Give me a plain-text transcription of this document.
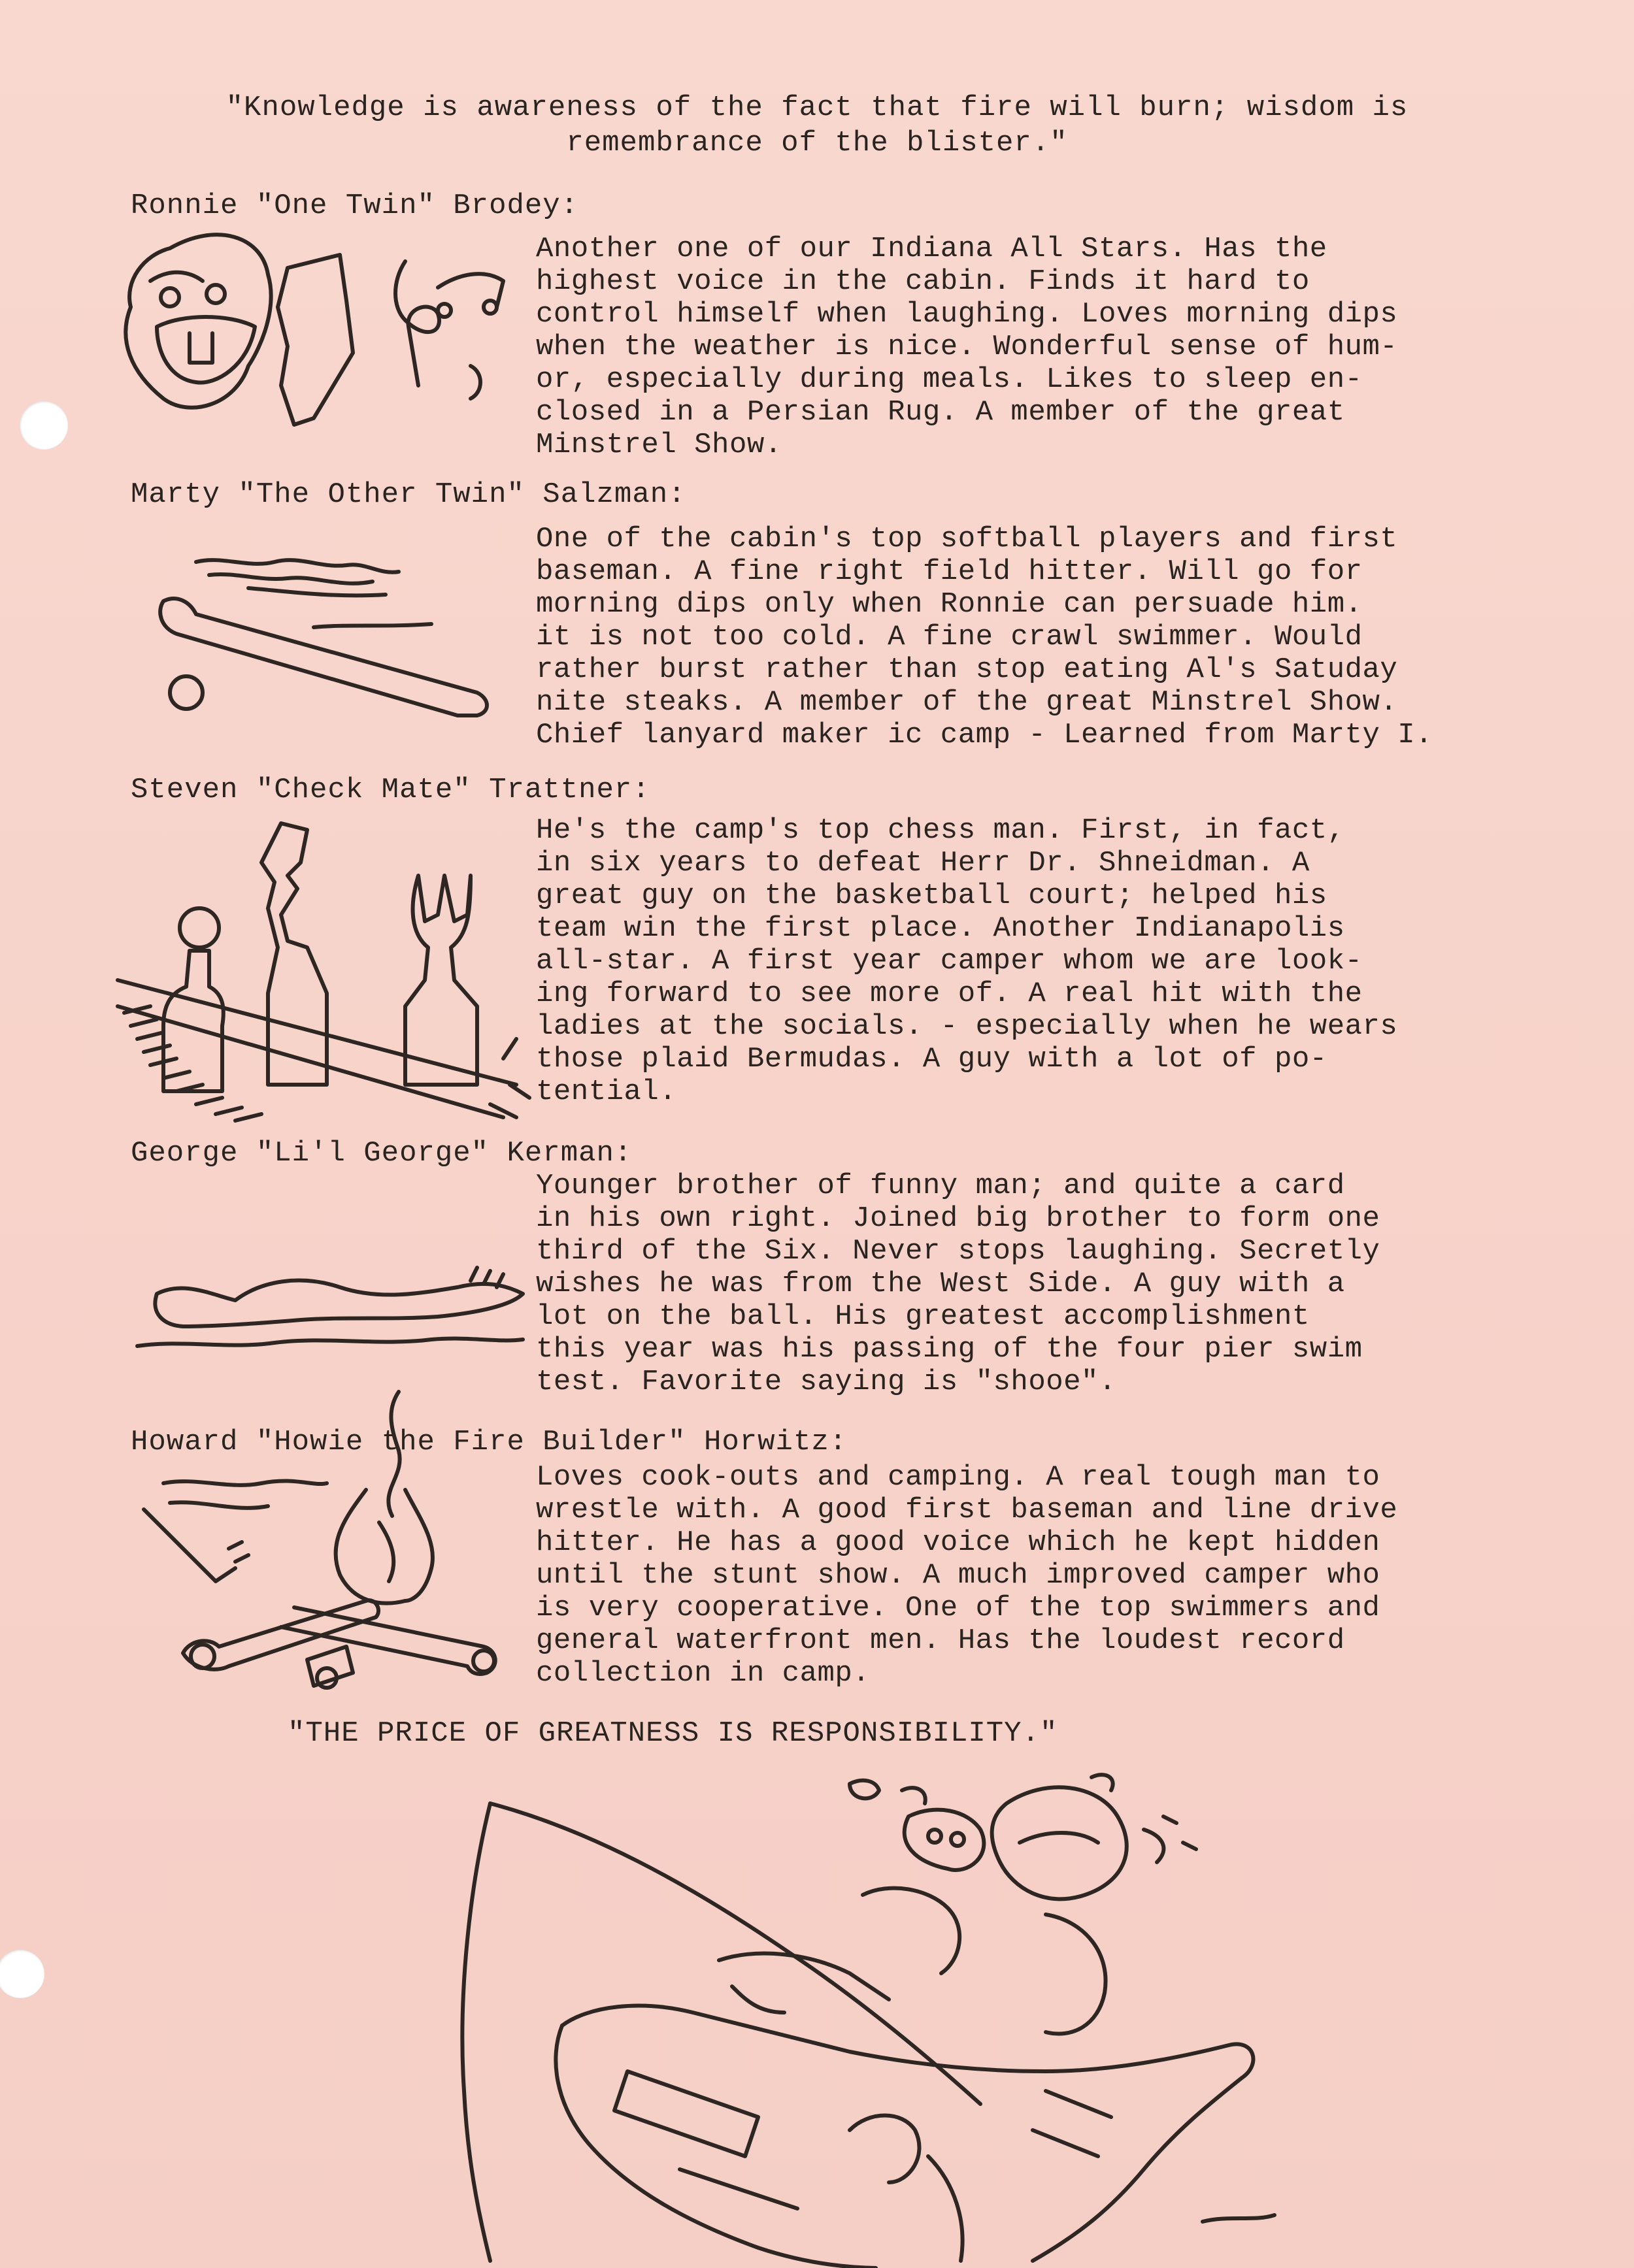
"Knowledge is awareness of the fact that fire will burn; wisdom is
remembrance of the blister."
Ronnie "One Twin" Brodey:
Another one of our Indiana All Stars. Has the
highest voice in the cabin. Finds it hard to
control himself when laughing. Loves morning dips
when the weather is nice. Wonderful sense of hum-
or, especially during meals. Likes to sleep en-
closed in a Persian Rug. A member of the great
Minstrel Show.
Marty "The Other Twin" Salzman:
One of the cabin's top softball players and first
baseman. A fine right field hitter. Will go for
morning dips only when Ronnie can persuade him.
it is not too cold. A fine crawl swimmer. Would
rather burst rather than stop eating Al's Satuday
nite steaks. A member of the great Minstrel Show.
Chief lanyard maker ic camp - Learned from Marty I.
Steven "Check Mate" Trattner:
He's the camp's top chess man. First, in fact,
in six years to defeat Herr Dr. Shneidman. A
great guy on the basketball court; helped his
team win the first place. Another Indianapolis
all-star. A first year camper whom we are look-
ing forward to see more of. A real hit with the
ladies at the socials. - especially when he wears
those plaid Bermudas. A guy with a lot of po-
tential.
George "Li'l George" Kerman:
Younger brother of funny man; and quite a card
in his own right. Joined big brother to form one
third of the Six. Never stops laughing. Secretly
wishes he was from the West Side. A guy with a
lot on the ball. His greatest accomplishment
this year was his passing of the four pier swim
test. Favorite saying is "shooe".
Howard "Howie the Fire Builder" Horwitz:
Loves cook-outs and camping. A real tough man to
wrestle with. A good first baseman and line drive
hitter. He has a good voice which he kept hidden
until the stunt show. A much improved camper who
is very cooperative. One of the top swimmers and
general waterfront men. Has the loudest record
collection in camp.
"THE PRICE OF GREATNESS IS RESPONSIBILITY."
